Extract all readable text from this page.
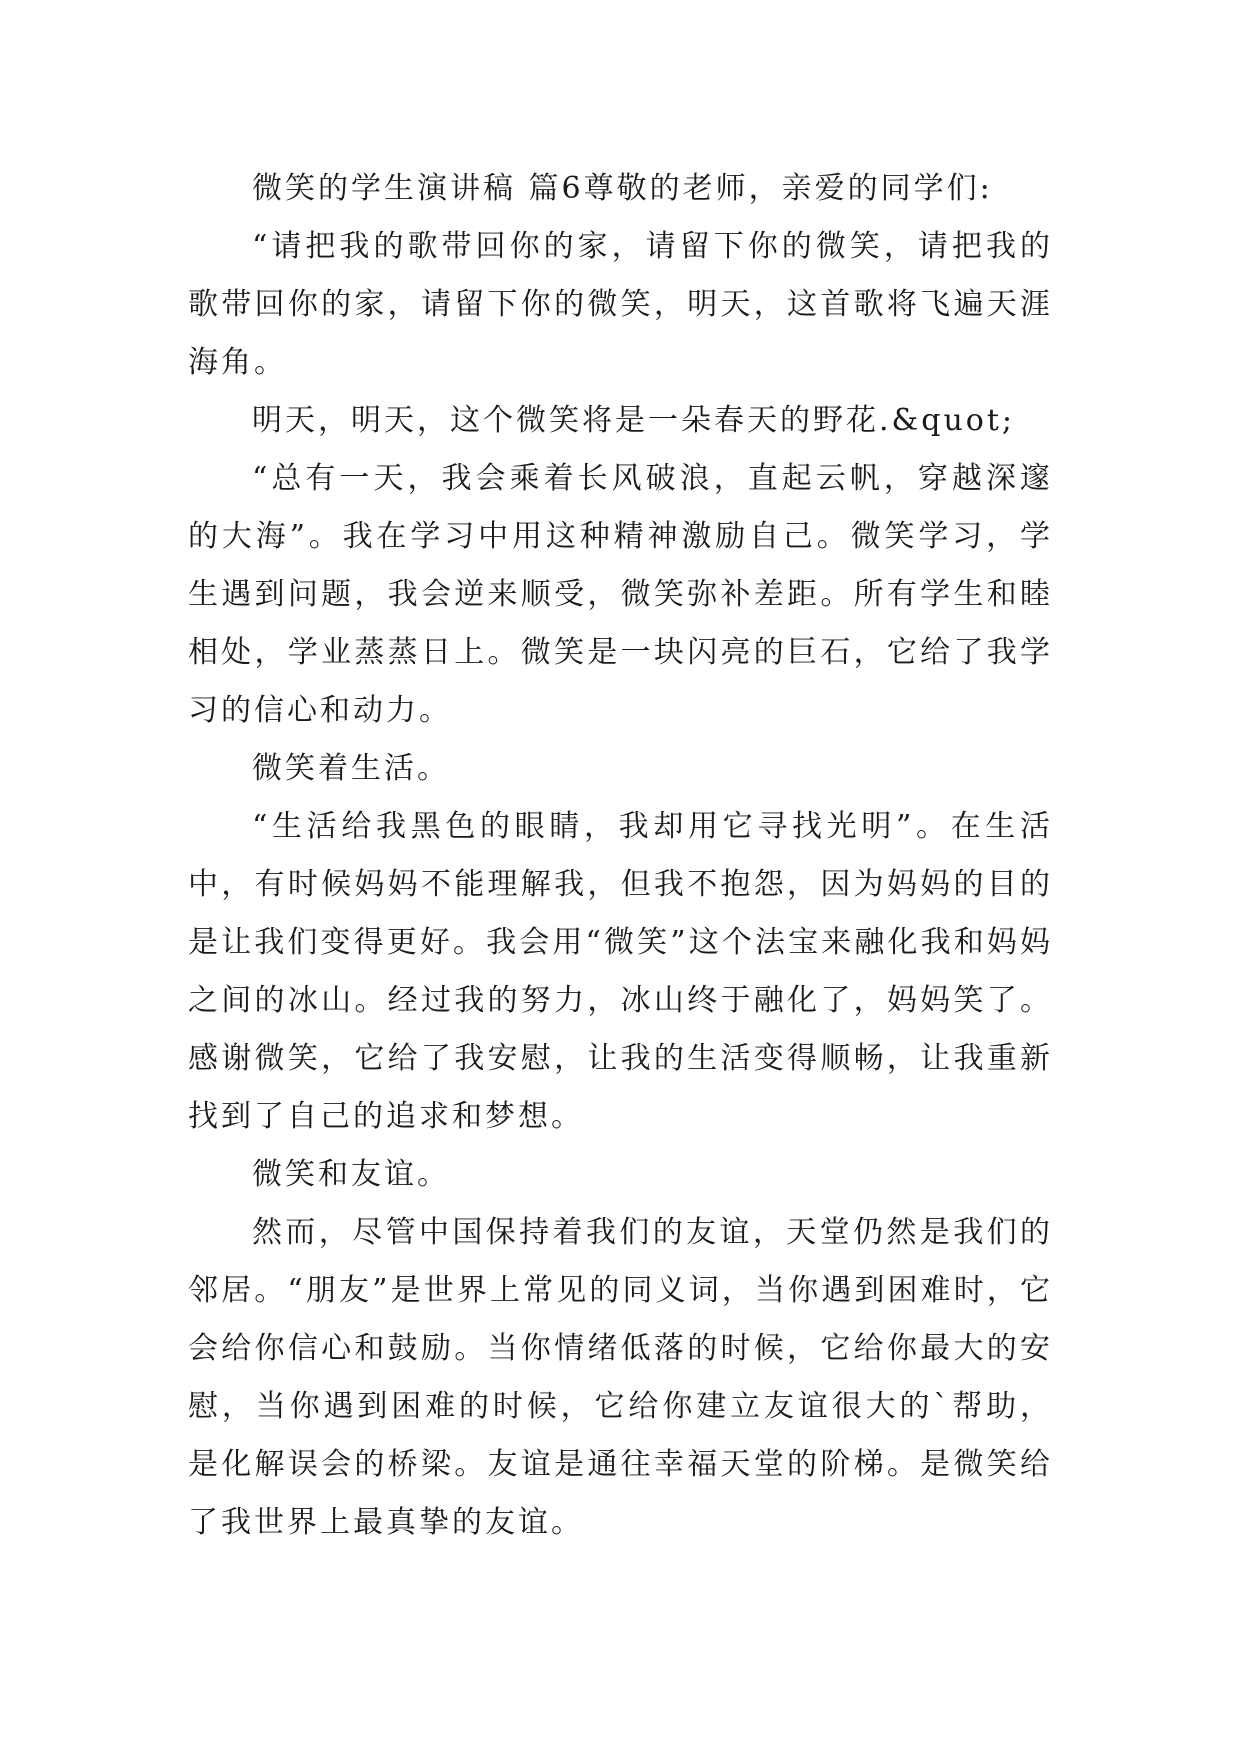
微笑的学生演讲稿 篇6尊敬的老师，亲爱的同学们:

“请把我的歌带回你的家，请留下你的微笑，请把我的歌带回你的家，请留下你的微笑，明天，这首歌将飞遍天涯海角。

明天，明天，这个微笑将是一朵春天的野花.&quot;

“总有一天，我会乘着长风破浪，直起云帆，穿越深邃的大海”。我在学习中用这种精神激励自己。微笑学习，学生遇到问题，我会逆来顺受，微笑弥补差距。所有学生和睦相处，学业蒸蒸日上。微笑是一块闪亮的巨石，它给了我学习的信心和动力。

微笑着生活。

“生活给我黑色的眼睛，我却用它寻找光明”。在生活中，有时候妈妈不能理解我，但我不抱怨，因为妈妈的目的是让我们变得更好。我会用“微笑”这个法宝来融化我和妈妈之间的冰山。经过我的努力，冰山终于融化了，妈妈笑了。感谢微笑，它给了我安慰，让我的生活变得顺畅，让我重新找到了自己的追求和梦想。

微笑和友谊。

然而，尽管中国保持着我们的友谊，天堂仍然是我们的邻居。“朋友”是世界上常见的同义词，当你遇到困难时，它会给你信心和鼓励。当你情绪低落的时候，它给你最大的安慰，当你遇到困难的时候，它给你建立友谊很大的`帮助，是化解误会的桥梁。友谊是通往幸福天堂的阶梯。是微笑给了我世界上最真挚的友谊。
